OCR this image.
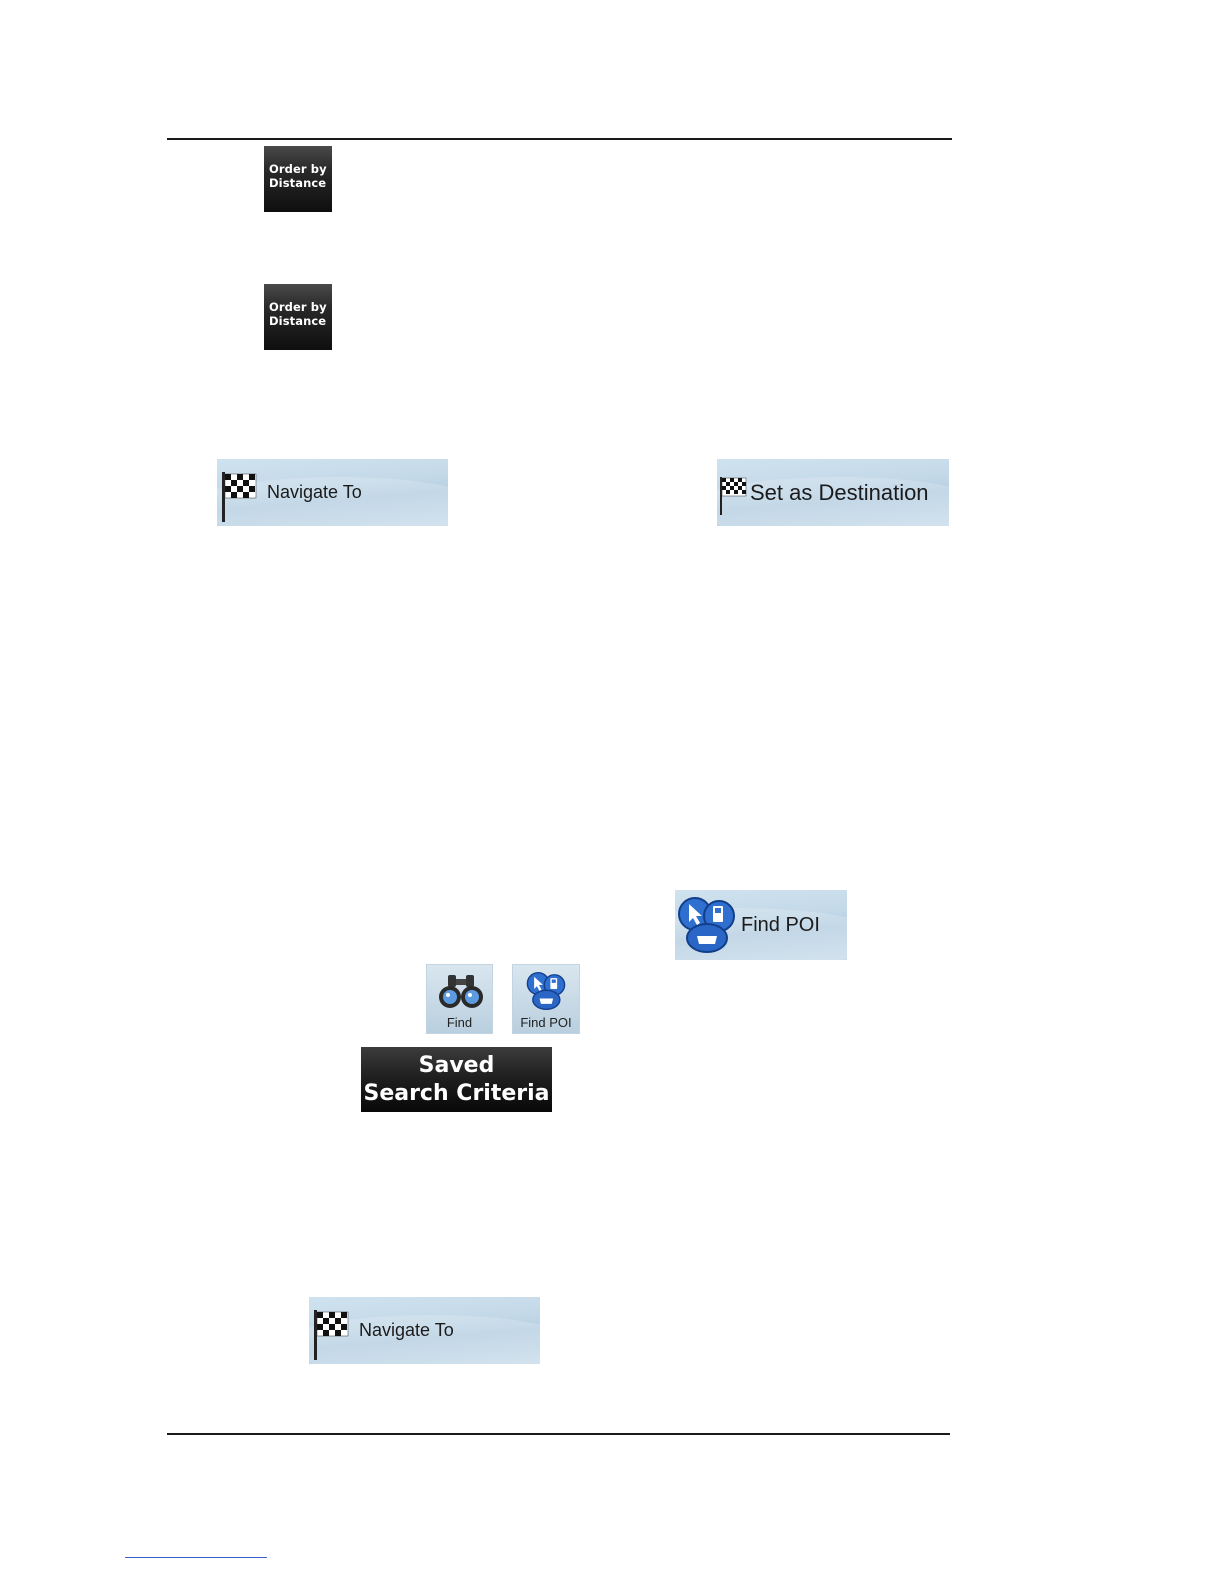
Order by
Distance
Order by
Distance
Navigate To	Set as Destination
Find POI
Find	Find POI
Saved
Search Criteria
Navigate To
